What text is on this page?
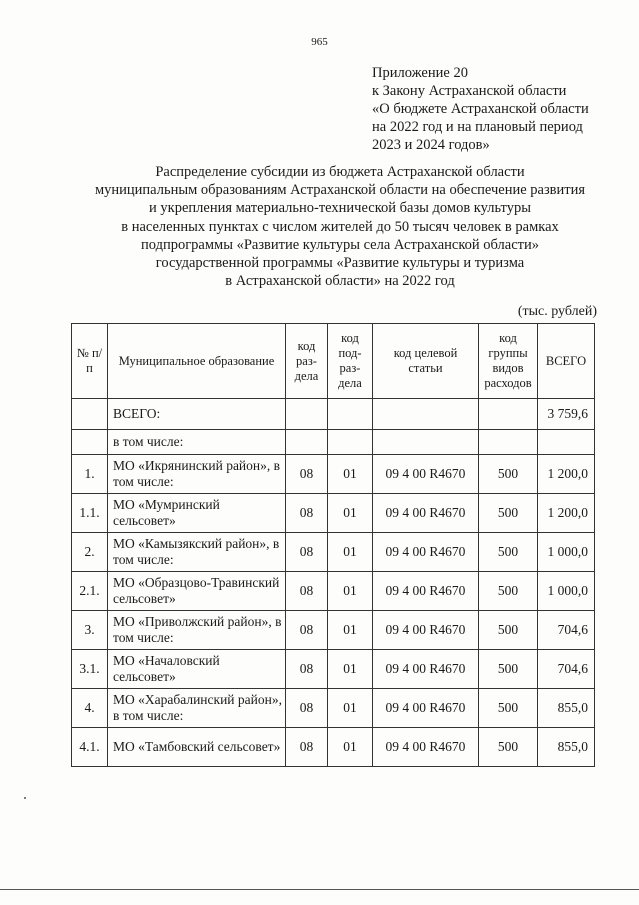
965
Приложение 20
к Закону Астраханской области
«О бюджете Астраханской области
на 2022 год и на плановый период
2023 и 2024 годов»
Распределение субсидии из бюджета Астраханской области
муниципальным образованиям Астраханской области на обеспечение развития
и укрепления материально-технической базы домов культуры
в населенных пунктах с числом жителей до 50 тысяч человек в рамках
подпрограммы «Развитие культуры села Астраханской области»
государственной программы «Развитие культуры и туризма
в Астраханской области» на 2022 год
(тыс. рублей)
№ п/п	Муниципальное образование	код раз-дела	код под-раз-дела	код целевой статьи	код группы видов расходов	ВСЕГО
	ВСЕГО:					3 759,6
	в том числе:					
1.	МО «Икрянинский район», в том числе:	08	01	09 4 00 R4670	500	1 200,0
1.1.	МО «Мумринский сельсовет»	08	01	09 4 00 R4670	500	1 200,0
2.	МО «Камызякский район», в том числе:	08	01	09 4 00 R4670	500	1 000,0
2.1.	МО «Образцово-Травинский сельсовет»	08	01	09 4 00 R4670	500	1 000,0
3.	МО «Приволжский район», в том числе:	08	01	09 4 00 R4670	500	704,6
3.1.	МО «Началовский сельсовет»	08	01	09 4 00 R4670	500	704,6
4.	МО «Харабалинский район», в том числе:	08	01	09 4 00 R4670	500	855,0
4.1.	МО «Тамбовский сельсовет»	08	01	09 4 00 R4670	500	855,0
